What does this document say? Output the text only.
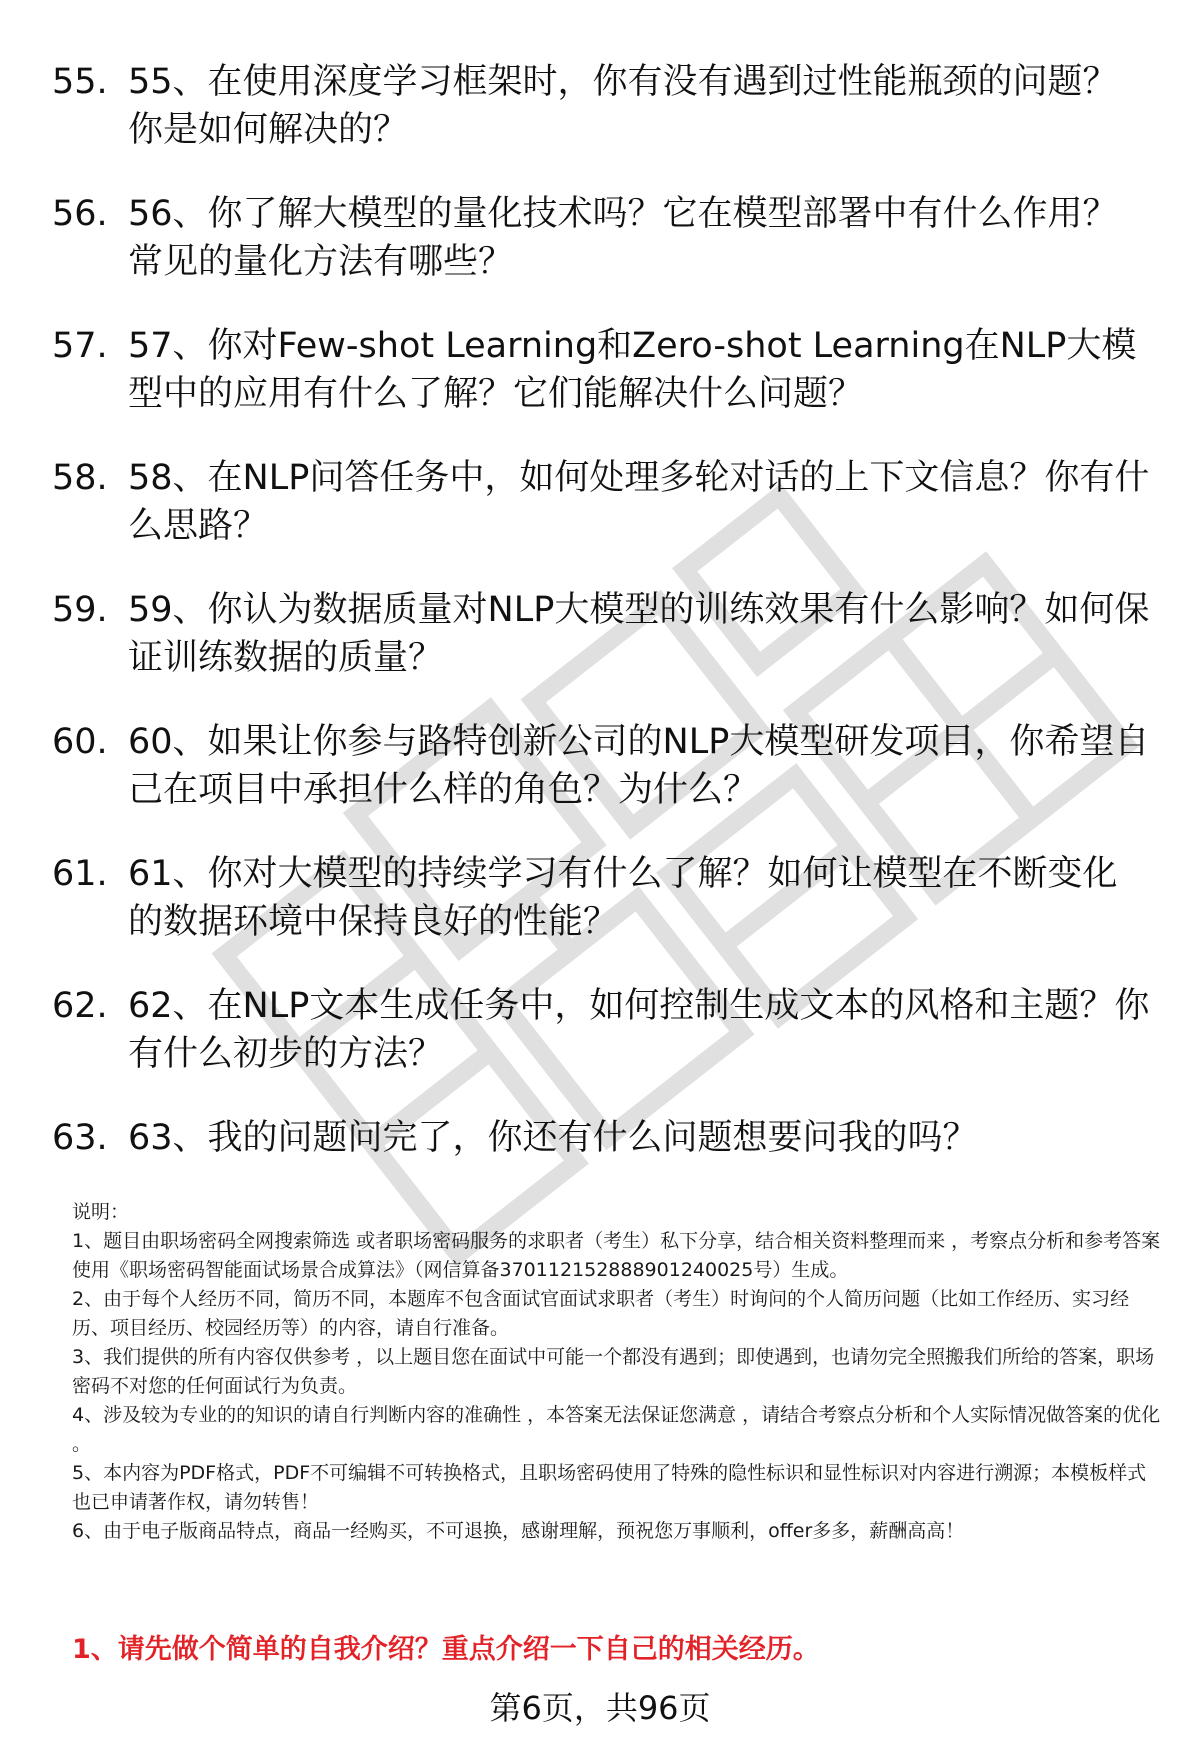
55. 55、在使用深度学习框架时，你有没有遇到过性能瓶颈的问题？你是如何解决的？
56. 56、你了解大模型的量化技术吗？它在模型部署中有什么作用？常见的量化方法有哪些？
57. 57、你对Few-shot Learning和Zero-shot Learning在NLP大模型中的应用有什么了解？它们能解决什么问题？
58. 58、在NLP问答任务中，如何处理多轮对话的上下文信息？你有什么思路？
59. 59、你认为数据质量对NLP大模型的训练效果有什么影响？如何保证训练数据的质量？
60. 60、如果让你参与路特创新公司的NLP大模型研发项目，你希望自己在项目中承担什么样的角色？为什么？
61. 61、你对大模型的持续学习有什么了解？如何让模型在不断变化的数据环境中保持良好的性能？
62. 62、在NLP文本生成任务中，如何控制生成文本的风格和主题？你有什么初步的方法？
63. 63、我的问题问完了，你还有什么问题想要问我的吗？

说明：

1、题目由职场密码全网搜索筛选 或者职场密码服务的求职者（考生）私下分享，结合相关资料整理而来 ，考察点分析和参考答案使用《职场密码智能面试场景合成算法》（网信算备370112152888901240025号）生成。

2、由于每个人经历不同，简历不同，本题库不包含面试官面试求职者（考生）时询问的个人简历问题（比如工作经历、实习经历、项目经历、校园经历等）的内容，请自行准备。

3、我们提供的所有内容仅供参考 ，以上题目您在面试中可能一个都没有遇到；即使遇到，也请勿完全照搬我们所给的答案，职场密码不对您的任何面试行为负责。

4、涉及较为专业的的知识的请自行判断内容的准确性 ，本答案无法保证您满意 ，请结合考察点分析和个人实际情况做答案的优化 。

5、本内容为PDF格式，PDF不可编辑不可转换格式，且职场密码使用了特殊的隐性标识和显性标识对内容进行溯源；本模板样式也已申请著作权，请勿转售！

6、由于电子版商品特点，商品一经购买，不可退换，感谢理解，预祝您万事顺利，offer多多，薪酬高高！

1、请先做个简单的自我介绍？重点介绍一下自己的相关经历。
第6页，共96页
